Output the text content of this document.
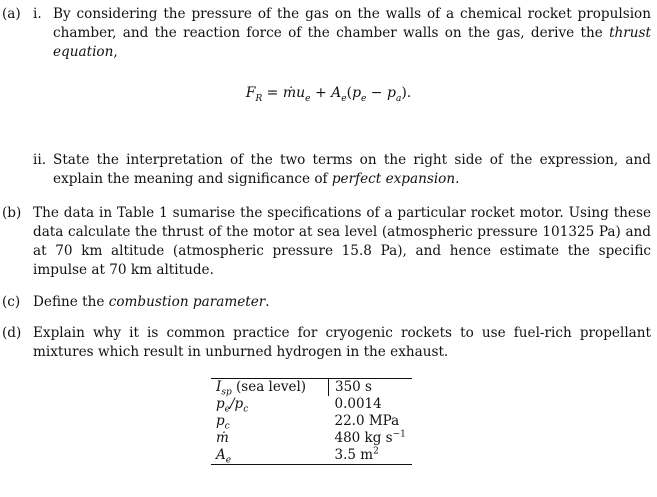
(a) i. By considering the pressure of the gas on the walls of a chemical rocket propulsion chamber, and the reaction force of the chamber walls on the gas, derive the thrust equation,
$F_R$ = ṁu$_e$ + $A_e(p_e - p_a)$.
ii. State the interpretation of the two terms on the right side of the expression, and explain the meaning and significance of perfect expansion.
(b) The data in Table 1 sumarise the specifications of a particular rocket motor. Using these data calculate the thrust of the motor at sea level (atmospheric pressure 101325 Pa) and at 70 km altitude (atmospheric pressure 15.8 Pa), and hence estimate the specific impulse at 70 km altitude.
(c) Define the combustion parameter.
(d) Explain why it is common practice for cryogenic rockets to use fuel-rich propellant mixtures which result in unburned hydrogen in the exhaust.
$I_{sp}$ (sea level)	350 s
$p_e/p_c$	0.0014
$p_c$	22.0 MPa
ṁ	480 kg $s^{-1}$
$A_e$	3.5 $m^2$
